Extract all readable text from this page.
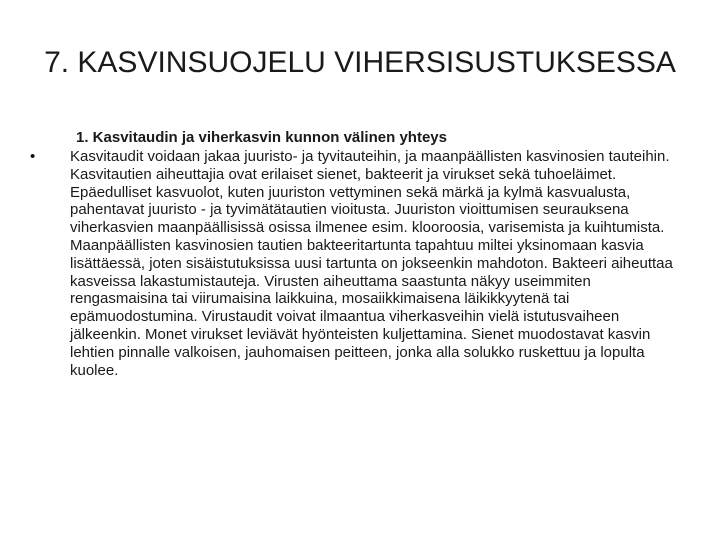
7. KASVINSUOJELU VIHERSISUSTUKSESSA

1. Kasvitaudin ja viherkasvin kunnon välinen yhteys

•	Kasvitaudit voidaan jakaa juuristo- ja tyvitauteihin, ja maanpäällisten kasvinosien tauteihin. Kasvitautien aiheuttajia ovat erilaiset sienet, bakteerit ja virukset sekä tuhoeläimet. Epäedulliset kasvuolot, kuten juuriston vettyminen sekä märkä ja kylmä kasvualusta, pahentavat juuristo - ja tyvimätätautien vioitusta. Juuriston vioittumisen seurauksena viherkasvien maanpäällisissä osissa ilmenee esim. klooroosia, varisemista ja kuihtumista. Maanpäällisten kasvinosien tautien bakteeritartunta tapahtuu miltei yksinomaan kasvia lisättäessä, joten sisäistutuksissa uusi tartunta on jokseenkin mahdoton. Bakteeri aiheuttaa kasveissa lakastumistauteja. Virusten aiheuttama saastunta näkyy useimmiten rengasmaisina tai viirumaisina laikkuina, mosaiikkimaisena läikikkyytenä tai epämuodostumina. Virustaudit voivat ilmaantua viherkasveihin vielä istutusvaiheen jälkeenkin. Monet virukset leviävät hyönteisten kuljettamina. Sienet muodostavat kasvin lehtien pinnalle valkoisen, jauhomaisen peitteen, jonka alla solukko ruskettuu ja lopulta kuolee.
